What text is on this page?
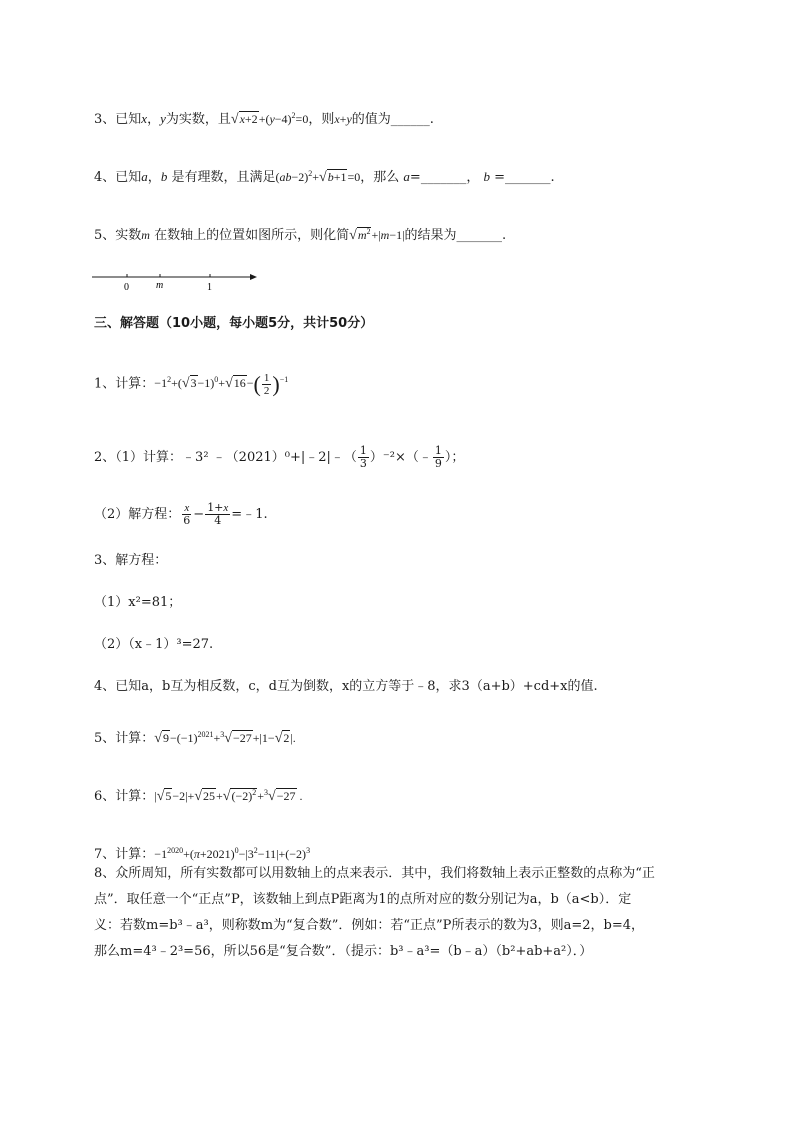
3、已知x，y为实数，且$√x+2+(y-4)^2=0$，则x+y的值为______.
4、已知a，b 是有理数，且满足$(ab-2)^2+√b+1=0$，那么 a=_______， b =_______.
5、实数m 在数轴上的位置如图所示，则化简$√m^2+|m-1|$的结果为_______.
0	m	1
三、解答题（10小题，每小题5分，共计50分）
1、计算：$-1^2+(√3-1)^0+√16-( \frac{1}{2} )^{-1}$
2、（1）计算：﹣3² ﹣（2021）⁰+|﹣2|﹣（ $\frac{1}{3}$ ）⁻²×（﹣ $\frac{1}{9}$ ）；
（2）解方程： $\frac{x}{6} - \frac{1+x}{4}$ =﹣1.
3、解方程：
（1）x²=81；
（2）（x﹣1）³=27.
4、已知a，b互为相反数，c，d互为倒数，x的立方等于﹣8，求3（a+b）+cd+x的值.
5、计算：$√9-(-1)^{2021}+^3√-27+|1-√2|$.
6、计算：$|√5-2|+√25+√(-2)^2+^3√-27$ .
7、计算：$-1^{2020}+(\pi+2021)^0-|3^2-11|+(-2)^3$
8、众所周知，所有实数都可以用数轴上的点来表示．其中，我们将数轴上表示正整数的点称为“正
点”．取任意一个“正点”P，该数轴上到点P距离为1的点所对应的数分别记为a，b（a<b）．定
义：若数m=b³﹣a³，则称数m为“复合数”．例如：若“正点”P所表示的数为3，则a=2，b=4，
那么m=4³﹣2³=56，所以56是“复合数”．（提示：b³﹣a³=（b﹣a）（b²+ab+a²）．）
